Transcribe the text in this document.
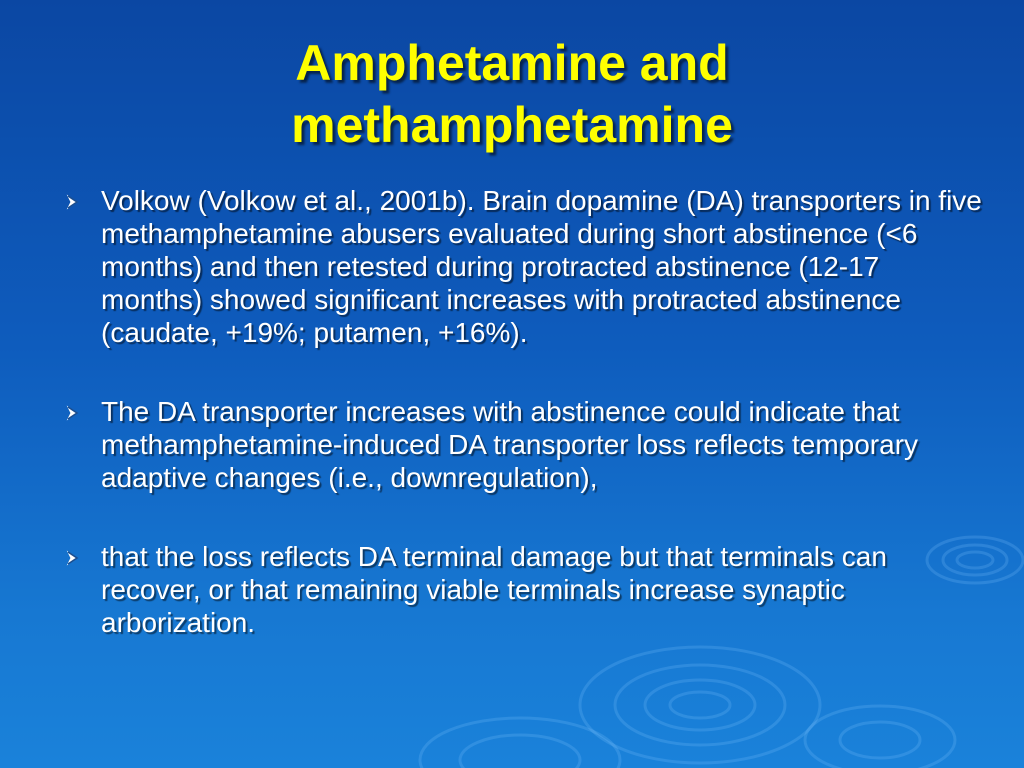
Amphetamine and
methamphetamine
Volkow (Volkow et al., 2001b). Brain dopamine (DA) transporters in five methamphetamine abusers evaluated during short abstinence (<6 months) and then retested during protracted abstinence (12-17 months) showed significant increases with protracted abstinence (caudate, +19%; putamen, +16%).
The DA transporter increases with abstinence could indicate that methamphetamine-induced DA transporter loss reflects temporary adaptive changes (i.e., downregulation),
that the loss reflects DA terminal damage but that terminals can recover, or that remaining viable terminals increase synaptic arborization.
